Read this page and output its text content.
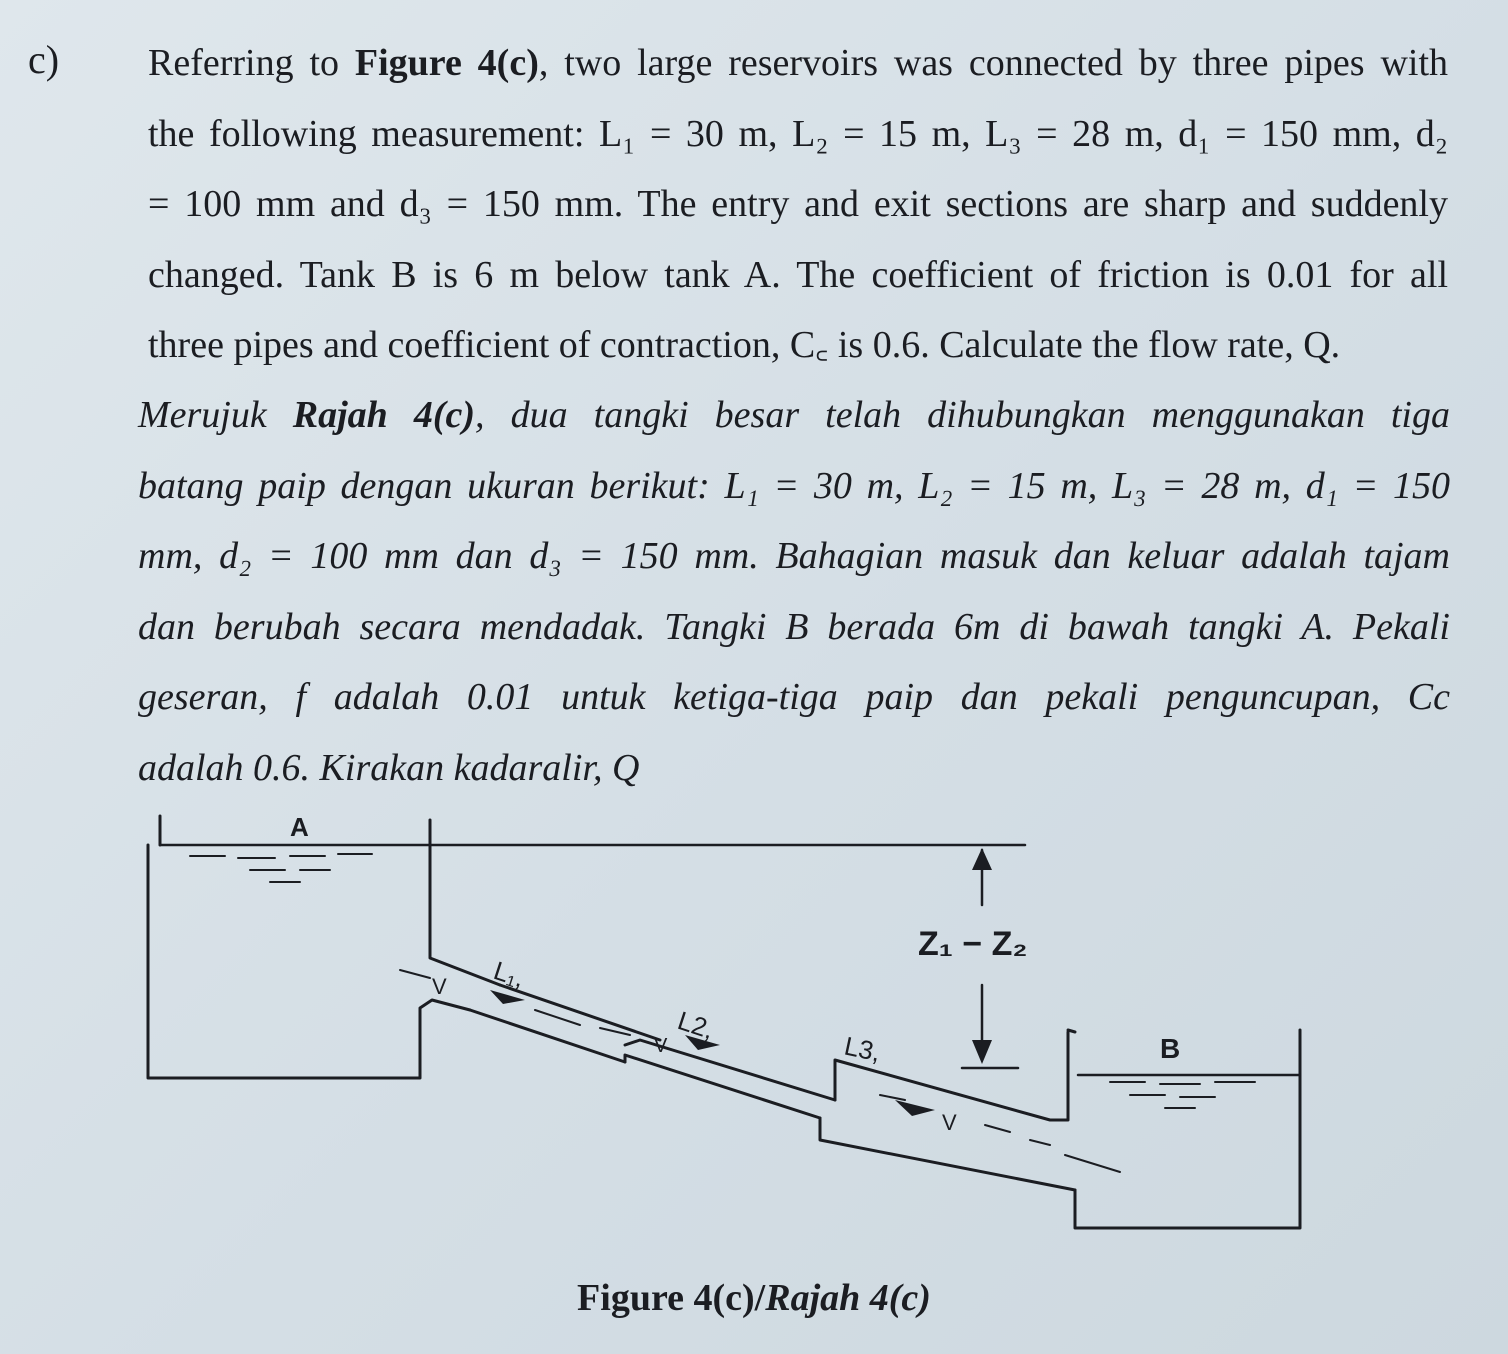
c) Referring to Figure 4(c), two large reservoirs was connected by three pipes with
the following measurement: L₁ = 30 m, L₂ = 15 m, L₃ = 28 m, d₁ = 150 mm, d₂
= 100 mm and d₃ = 150 mm. The entry and exit sections are sharp and suddenly
changed. Tank B is 6 m below tank A. The coefficient of friction is 0.01 for all
three pipes and coefficient of contraction, C꜀ is 0.6. Calculate the flow rate, Q.
Merujuk Rajah 4(c), dua tangki besar telah dihubungkan menggunakan tiga
batang paip dengan ukuran berikut: L₁ = 30 m, L₂ = 15 m, L₃ = 28 m, d₁ = 150
mm, d₂ = 100 mm dan d₃ = 150 mm. Bahagian masuk dan keluar adalah tajam
dan berubah secara mendadak. Tangki B berada 6m di bawah tangki A. Pekali
geseran, f adalah 0.01 untuk ketiga-tiga paip dan pekali penguncupan, Cc
adalah 0.6. Kirakan kadaralir, Q
A
B
Z₁ − Z₂
L₁,
L2,
L3,
V
V
V
Figure 4(c)/Rajah 4(c)
